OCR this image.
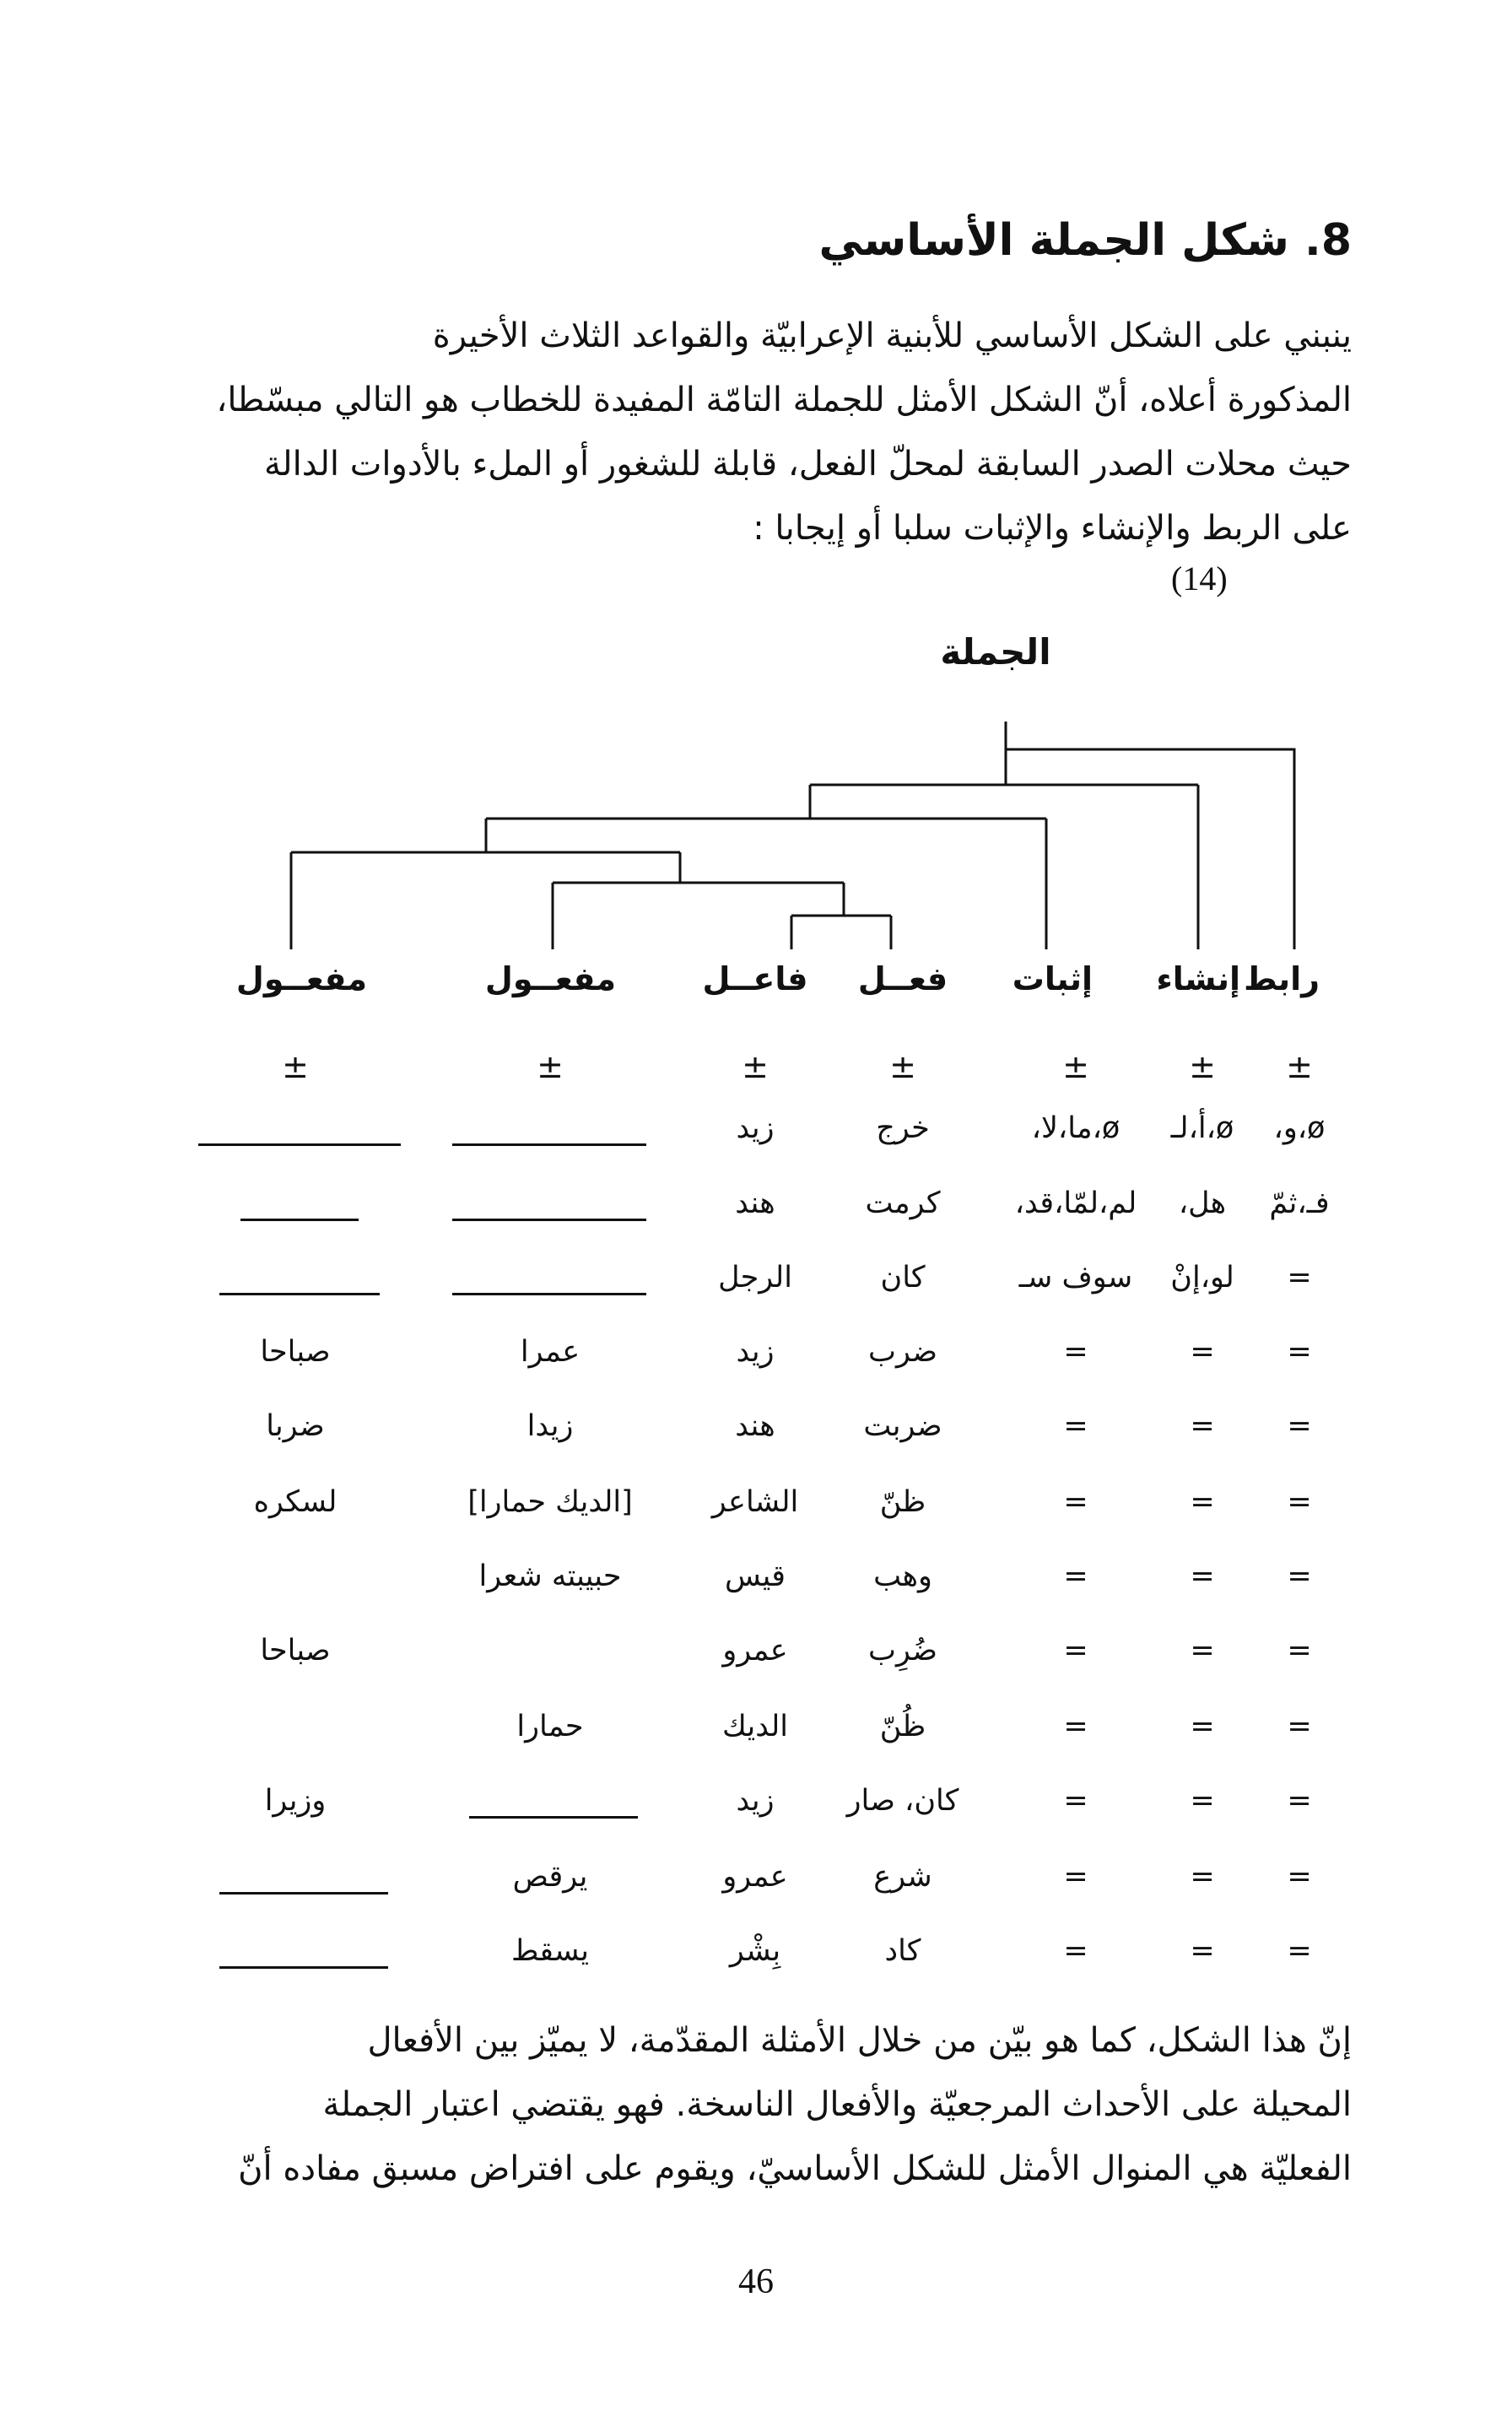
8. شكل الجملة الأساسي
ينبني على الشكل الأساسي للأبنية الإعرابيّة والقواعد الثلاث الأخيرة
المذكورة أعلاه، أنّ الشكل الأمثل للجملة التامّة المفيدة للخطاب هو التالي مبسّطا،
حيث محلات الصدر السابقة لمحلّ الفعل، قابلة للشغور أو الملء بالأدوات الدالة
على الربط والإنشاء والإثبات سلبا أو إيجابا :
(14)
الجملة
رابط
إنشاء
إثبات
فعــل
فاعــل
مفعــول
مفعــول
±
±
±
±
±
±
±
ø،و،
ø،أ،لـ
ø،ما،لا،
خرج
زيد
فـ،ثمّ
هل،
لم،لمّا،قد،
كرمت
هند
=
لو،إنْ
سوف سـ
كان
الرجل
=
=
=
ضرب
زيد
عمرا
صباحا
=
=
=
ضربت
هند
زيدا
ضربا
=
=
=
ظنّ
الشاعر
[الديك حمارا]
لسكره
=
=
=
وهب
قيس
حبيبته شعرا
=
=
=
ضُرِب
عمرو
صباحا
=
=
=
ظُنّ
الديك
حمارا
=
=
=
كان، صار
زيد
وزيرا
=
=
=
شرع
عمرو
يرقص
=
=
=
كاد
بِشْر
يسقط
إنّ هذا الشكل، كما هو بيّن من خلال الأمثلة المقدّمة، لا يميّز بين الأفعال
المحيلة على الأحداث المرجعيّة والأفعال الناسخة. فهو يقتضي اعتبار الجملة
الفعليّة هي المنوال الأمثل للشكل الأساسيّ، ويقوم على افتراض مسبق مفاده أنّ
46
